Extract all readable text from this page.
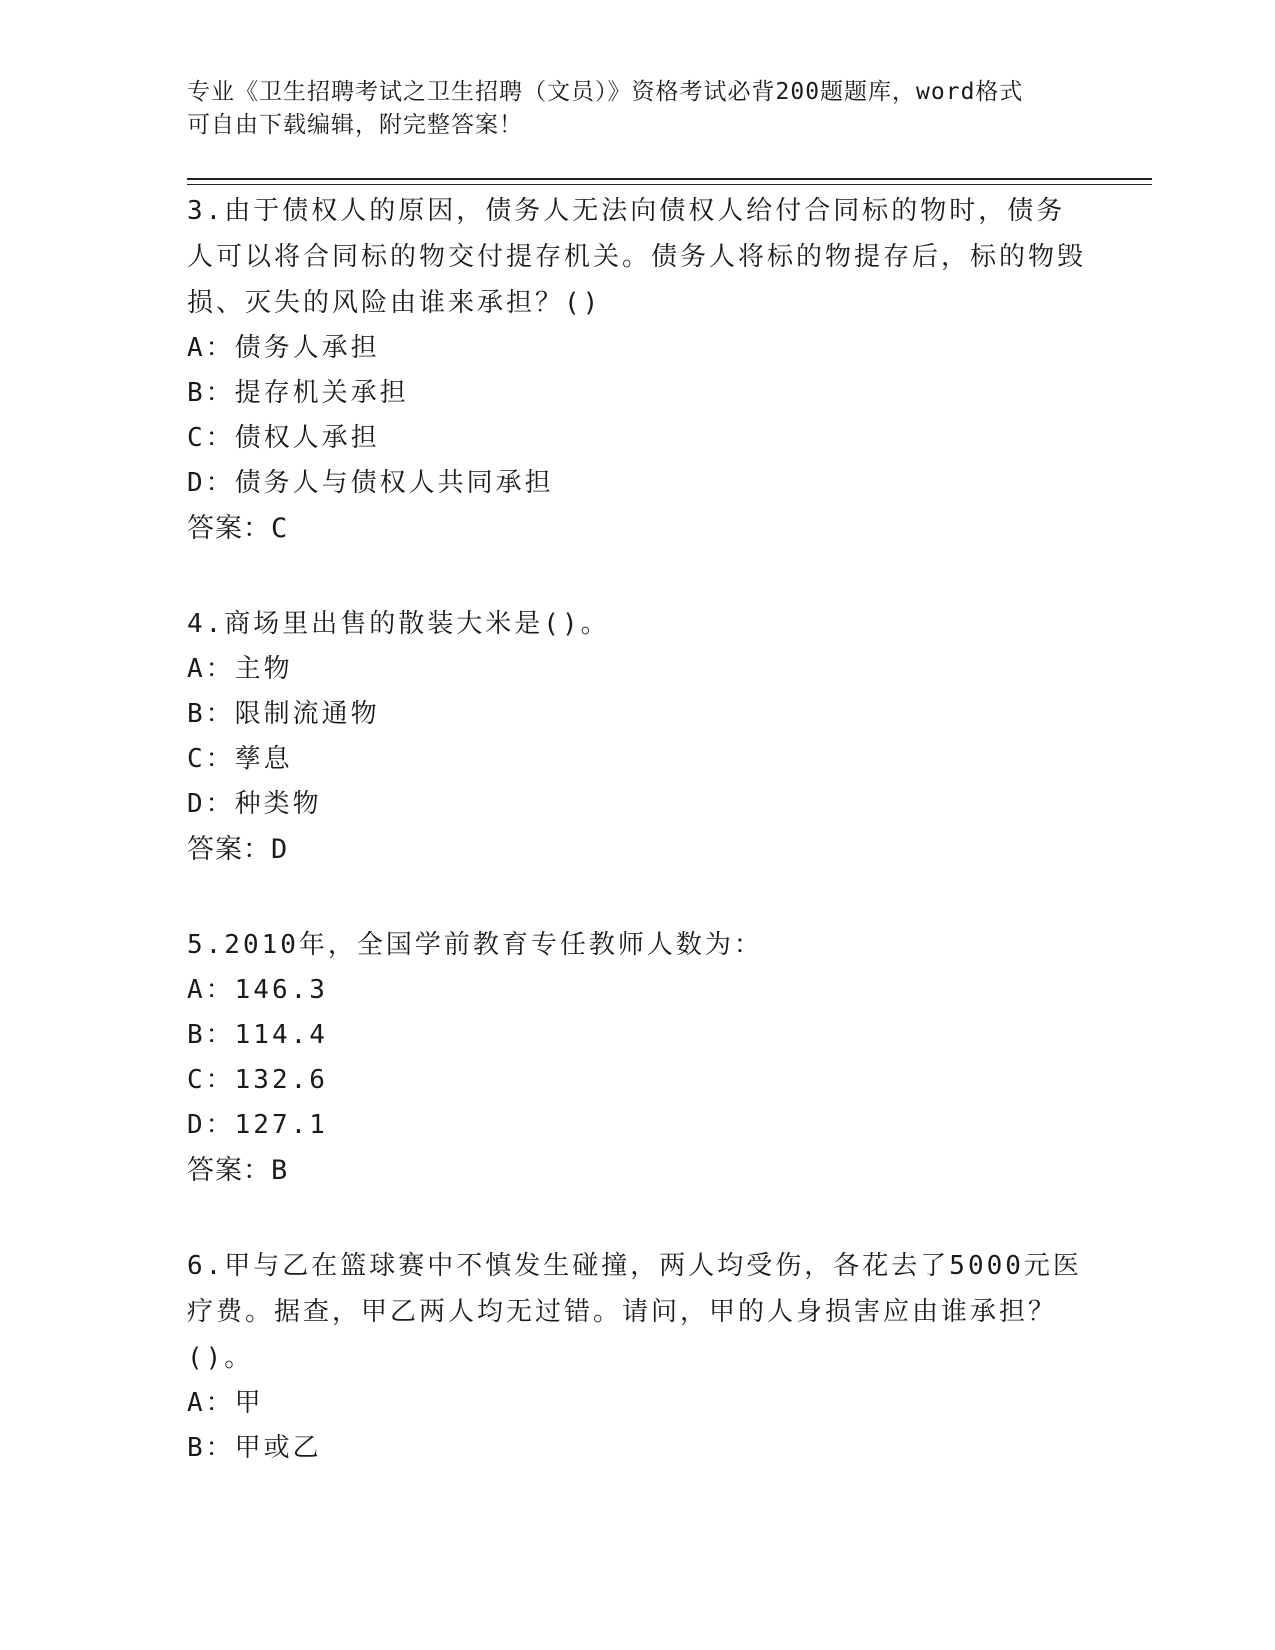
专业《卫生招聘考试之卫生招聘（文员）》资格考试必背200题题库，word格式
可自由下载编辑，附完整答案！
3.由于债权人的原因，债务人无法向债权人给付合同标的物时，债务人可以将合同标的物交付提存机关。债务人将标的物提存后，标的物毁损、灭失的风险由谁来承担？()
A：债务人承担
B：提存机关承担
C：债权人承担
D：债务人与债权人共同承担
答案：C
4.商场里出售的散装大米是()。
A：主物
B：限制流通物
C：孳息
D：种类物
答案：D
5.2010年，全国学前教育专任教师人数为：
A：146.3
B：114.4
C：132.6
D：127.1
答案：B
6.甲与乙在篮球赛中不慎发生碰撞，两人均受伤，各花去了5000元医疗费。据查，甲乙两人均无过错。请问，甲的人身损害应由谁承担？()。
A：甲
B：甲或乙
